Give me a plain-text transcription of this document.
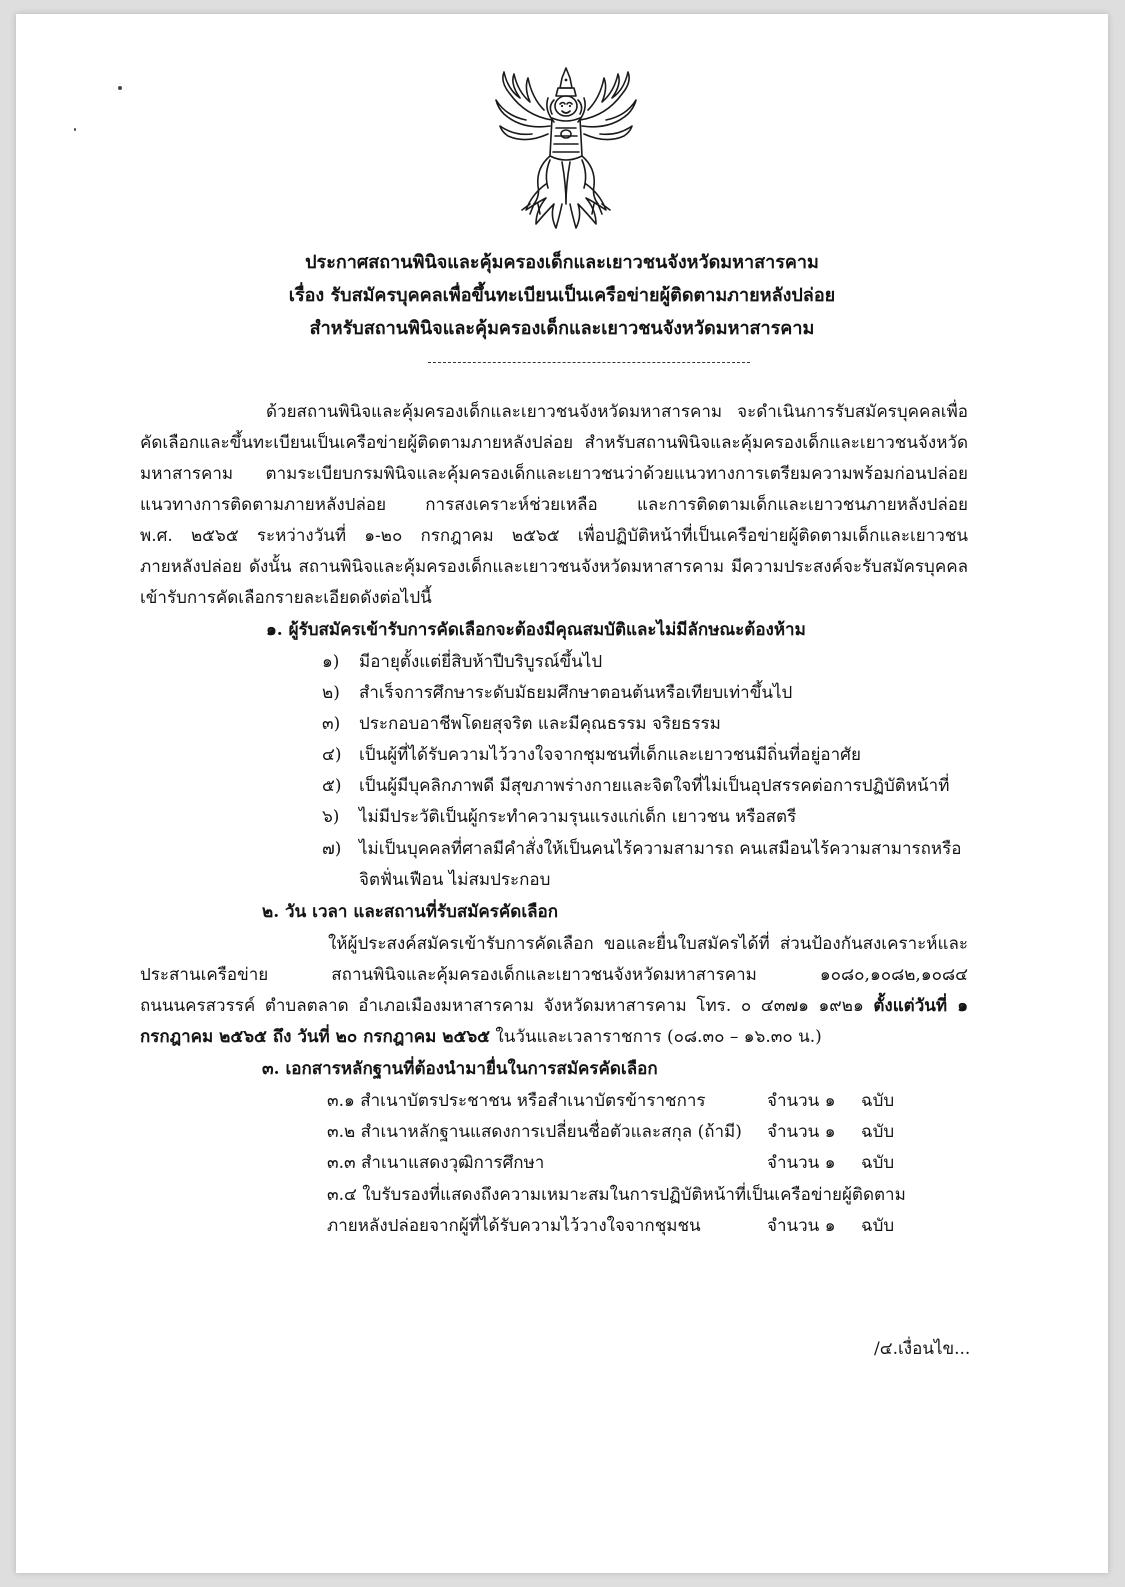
ประกาศสถานพินิจและคุ้มครองเด็กและเยาวชนจังหวัดมหาสารคาม
เรื่อง รับสมัครบุคคลเพื่อขึ้นทะเบียนเป็นเครือข่ายผู้ติดตามภายหลังปล่อย
สำหรับสถานพินิจและคุ้มครองเด็กและเยาวชนจังหวัดมหาสารคาม
ด้วยสถานพินิจและคุ้มครองเด็กและเยาวชนจังหวัดมหาสารคาม จะดำเนินการรับสมัครบุคคลเพื่อ
คัดเลือกและขึ้นทะเบียนเป็นเครือข่ายผู้ติดตามภายหลังปล่อย สำหรับสถานพินิจและคุ้มครองเด็กและเยาวชนจังหวัด
มหาสารคาม ตามระเบียบกรมพินิจและคุ้มครองเด็กและเยาวชนว่าด้วยแนวทางการเตรียมความพร้อมก่อนปล่อย
แนวทางการติดตามภายหลังปล่อย การสงเคราะห์ช่วยเหลือ และการติดตามเด็กและเยาวชนภายหลังปล่อย
พ.ศ. ๒๕๖๕ ระหว่างวันที่ ๑-๒๐ กรกฎาคม ๒๕๖๕ เพื่อปฏิบัติหน้าที่เป็นเครือข่ายผู้ติดตามเด็กและเยาวชน
ภายหลังปล่อย ดังนั้น สถานพินิจและคุ้มครองเด็กและเยาวชนจังหวัดมหาสารคาม มีความประสงค์จะรับสมัครบุคคล
เข้ารับการคัดเลือกรายละเอียดดังต่อไปนี้
๑. ผู้รับสมัครเข้ารับการคัดเลือกจะต้องมีคุณสมบัติและไม่มีลักษณะต้องห้าม
๑) มีอายุตั้งแต่ยี่สิบห้าปีบริบูรณ์ขึ้นไป
๒) สำเร็จการศึกษาระดับมัธยมศึกษาตอนต้นหรือเทียบเท่าขึ้นไป
๓) ประกอบอาชีพโดยสุจริต และมีคุณธรรม จริยธรรม
๔) เป็นผู้ที่ได้รับความไว้วางใจจากชุมชนที่เด็กและเยาวชนมีถิ่นที่อยู่อาศัย
๕) เป็นผู้มีบุคลิกภาพดี มีสุขภาพร่างกายและจิตใจที่ไม่เป็นอุปสรรคต่อการปฏิบัติหน้าที่
๖) ไม่มีประวัติเป็นผู้กระทำความรุนแรงแก่เด็ก เยาวชน หรือสตรี
๗) ไม่เป็นบุคคลที่ศาลมีคำสั่งให้เป็นคนไร้ความสามารถ คนเสมือนไร้ความสามารถหรือ
จิตฟั่นเฟือน ไม่สมประกอบ
๒. วัน เวลา และสถานที่รับสมัครคัดเลือก
ให้ผู้ประสงค์สมัครเข้ารับการคัดเลือก ขอและยื่นใบสมัครได้ที่ ส่วนป้องกันสงเคราะห์และ
ประสานเครือข่าย สถานพินิจและคุ้มครองเด็กและเยาวชนจังหวัดมหาสารคาม ๑๐๘๐,๑๐๘๒,๑๐๘๔
ถนนนครสวรรค์ ตำบลตลาด อำเภอเมืองมหาสารคาม จังหวัดมหาสารคาม โทร. ๐ ๔๓๗๑ ๑๙๒๑ ตั้งแต่วันที่ ๑
กรกฎาคม ๒๕๖๕ ถึง วันที่ ๒๐ กรกฎาคม ๒๕๖๕ ในวันและเวลาราชการ (๐๘.๓๐ – ๑๖.๓๐ น.)
๓. เอกสารหลักฐานที่ต้องนำมายื่นในการสมัครคัดเลือก
๓.๑ สำเนาบัตรประชาชน หรือสำเนาบัตรข้าราชการ	จำนวน ๑ ฉบับ
๓.๒ สำเนาหลักฐานแสดงการเปลี่ยนชื่อตัวและสกุล (ถ้ามี) จำนวน ๑ ฉบับ
๓.๓ สำเนาแสดงวุฒิการศึกษา	จำนวน ๑ ฉบับ
๓.๔ ใบรับรองที่แสดงถึงความเหมาะสมในการปฏิบัติหน้าที่เป็นเครือข่ายผู้ติดตาม
ภายหลังปล่อยจากผู้ที่ได้รับความไว้วางใจจากชุมชน	จำนวน ๑ ฉบับ
/๔.เงื่อนไข...
